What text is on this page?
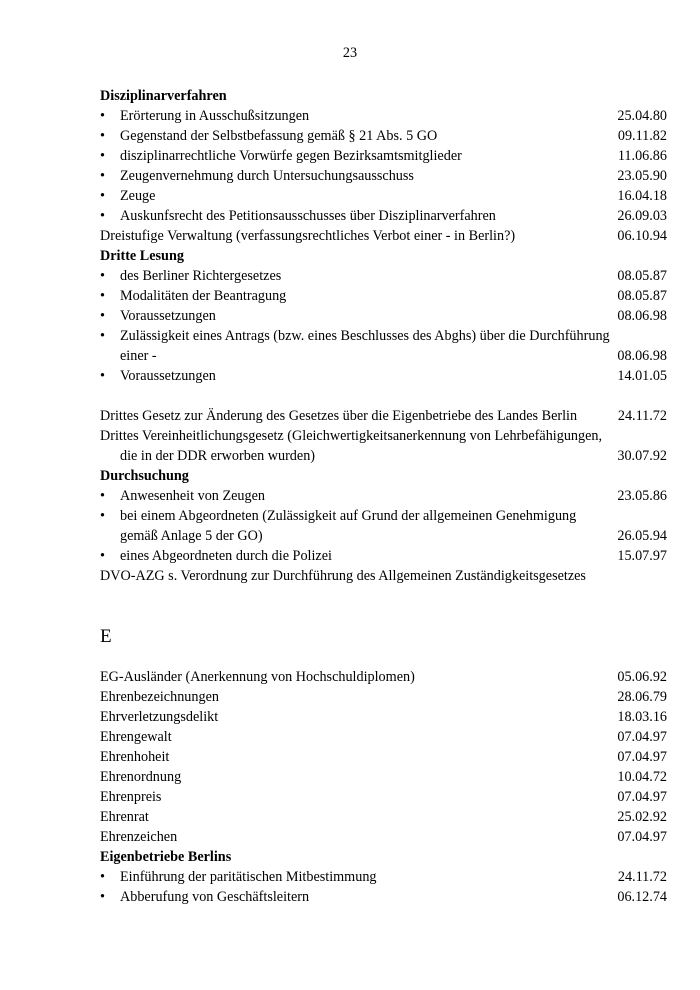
23
Disziplinarverfahren
• Erörterung in Ausschußsitzungen	25.04.80
• Gegenstand der Selbstbefassung gemäß § 21 Abs. 5 GO	09.11.82
• disziplinarrechtliche Vorwürfe gegen Bezirksamtsmitglieder	11.06.86
• Zeugenvernehmung durch Untersuchungsausschuss	23.05.90
• Zeuge	16.04.18
• Auskunfsrecht des Petitionsausschusses über Disziplinarverfahren	26.09.03
Dreistufige Verwaltung (verfassungsrechtliches Verbot einer - in Berlin?)	06.10.94
Dritte Lesung
• des Berliner Richtergesetzes	08.05.87
• Modalitäten der Beantragung	08.05.87
• Voraussetzungen	08.06.98
• Zulässigkeit eines Antrags (bzw. eines Beschlusses des Abghs) über die Durchführung
einer -	08.06.98
• Voraussetzungen	14.01.05
Drittes Gesetz zur Änderung des Gesetzes über die Eigenbetriebe des Landes Berlin	24.11.72
Drittes Vereinheitlichungsgesetz (Gleichwertigkeitsanerkennung von Lehrbefähigungen,
die in der DDR erworben wurden)	30.07.92
Durchsuchung
• Anwesenheit von Zeugen	23.05.86
• bei einem Abgeordneten (Zulässigkeit auf Grund der allgemeinen Genehmigung
gemäß Anlage 5 der GO)	26.05.94
• eines Abgeordneten durch die Polizei	15.07.97
DVO-AZG s. Verordnung zur Durchführung des Allgemeinen Zuständigkeitsgesetzes
E
EG-Ausländer (Anerkennung von Hochschuldiplomen)	05.06.92
Ehrenbezeichnungen	28.06.79
Ehrverletzungsdelikt	18.03.16
Ehrengewalt	07.04.97
Ehrenhoheit	07.04.97
Ehrenordnung	10.04.72
Ehrenpreis	07.04.97
Ehrenrat	25.02.92
Ehrenzeichen	07.04.97
Eigenbetriebe Berlins
• Einführung der paritätischen Mitbestimmung	24.11.72
• Abberufung von Geschäftsleitern	06.12.74
